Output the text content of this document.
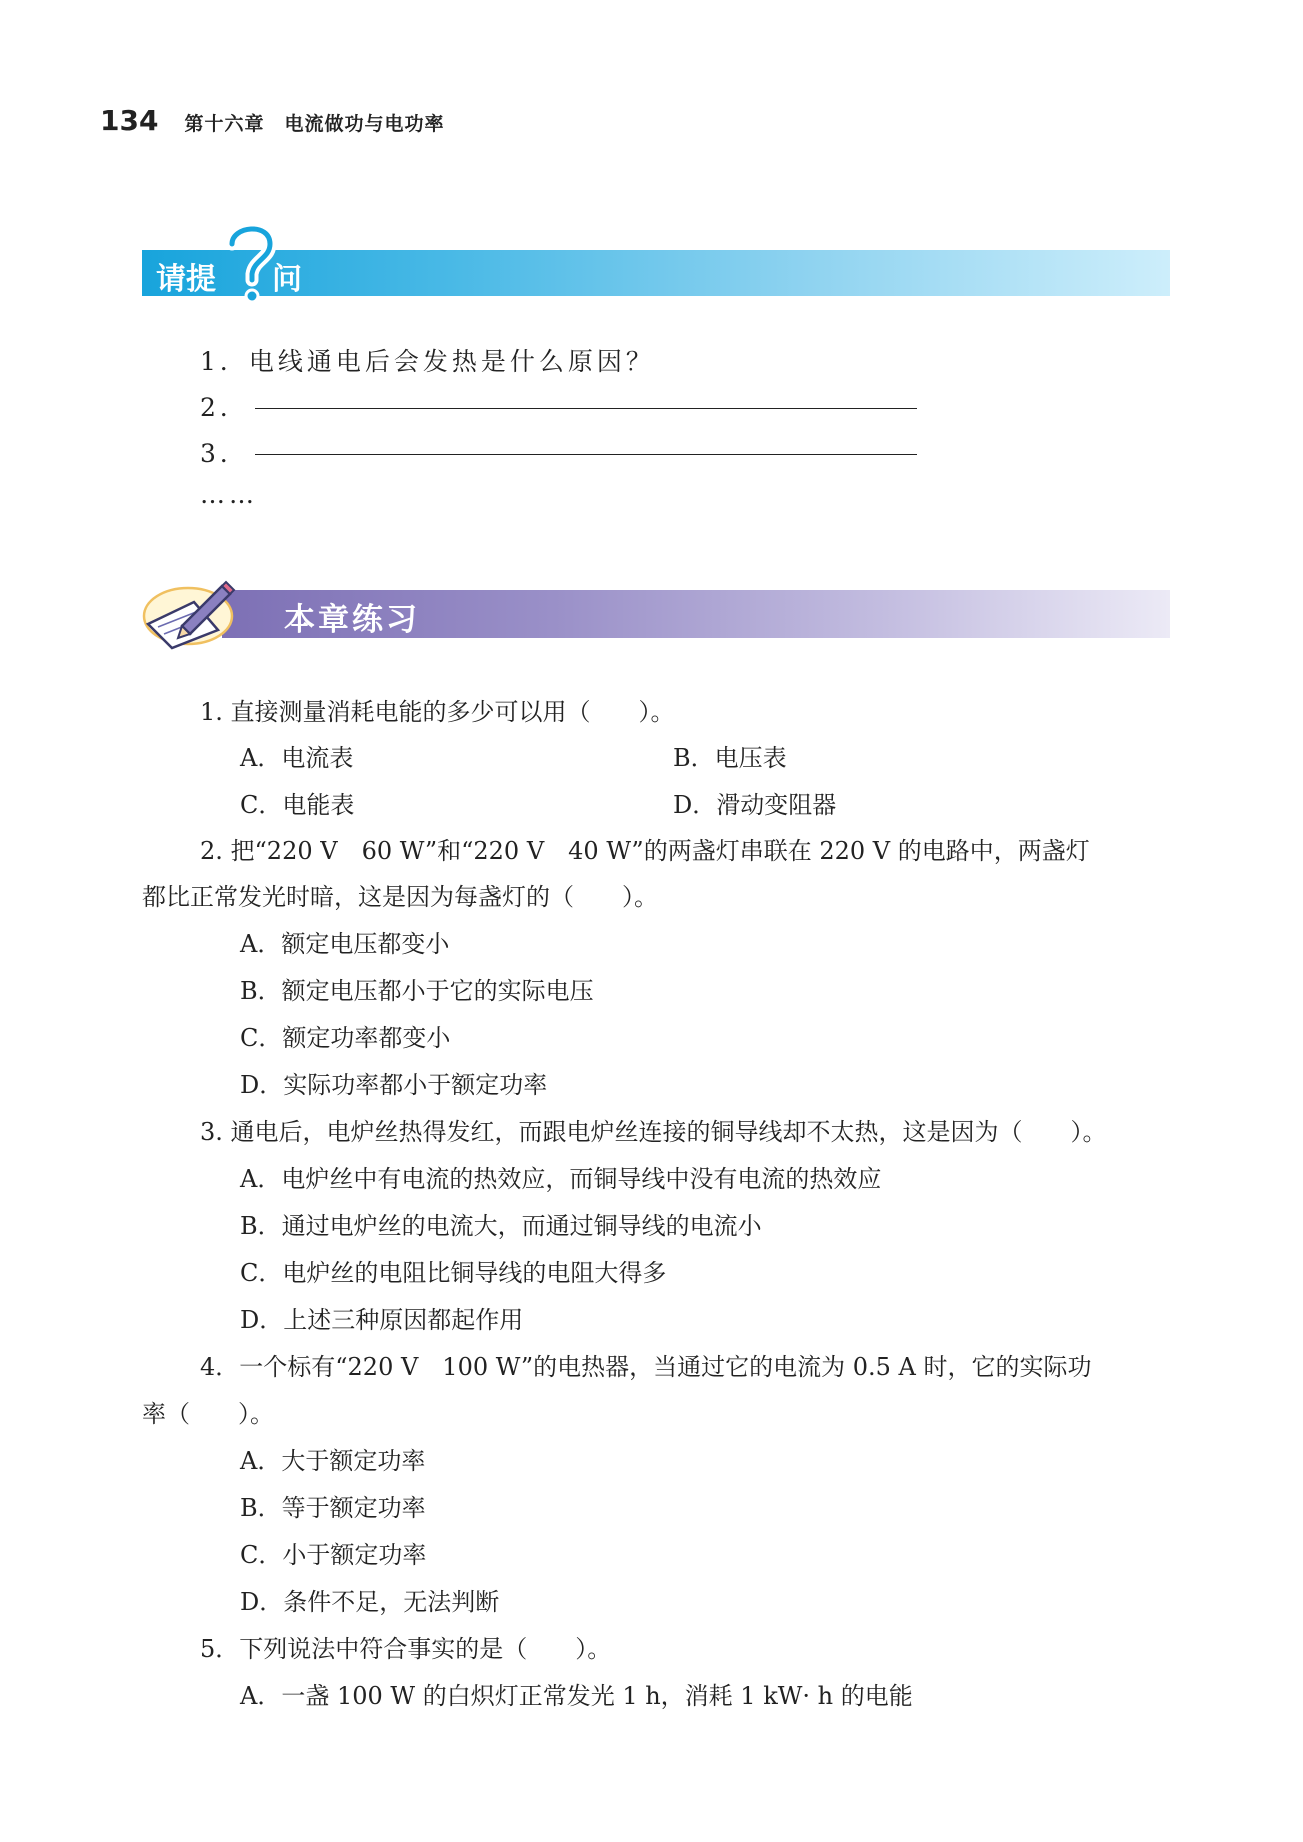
134 第十六章　电流做功与电功率
请提 问
1．电线通电后会发热是什么原因？
2．
3．
……
本章练习
1. 直接测量消耗电能的多少可以用（ ）。
A．电流表	B．电压表
C．电能表	D．滑动变阻器
2. 把“220 V　60 W”和“220 V　40 W”的两盏灯串联在 220 V 的电路中，两盏灯
都比正常发光时暗，这是因为每盏灯的（ ）。
A．额定电压都变小
B．额定电压都小于它的实际电压
C．额定功率都变小
D．实际功率都小于额定功率
3. 通电后，电炉丝热得发红，而跟电炉丝连接的铜导线却不太热，这是因为（ ）。
A．电炉丝中有电流的热效应，而铜导线中没有电流的热效应
B．通过电炉丝的电流大，而通过铜导线的电流小
C．电炉丝的电阻比铜导线的电阻大得多
D．上述三种原因都起作用
4．一个标有“220 V　100 W”的电热器，当通过它的电流为 0.5 A 时，它的实际功
率（ ）。
A．大于额定功率
B．等于额定功率
C．小于额定功率
D．条件不足，无法判断
5．下列说法中符合事实的是（ ）。
A．一盏 100 W 的白炽灯正常发光 1 h，消耗 1 kW· h 的电能
